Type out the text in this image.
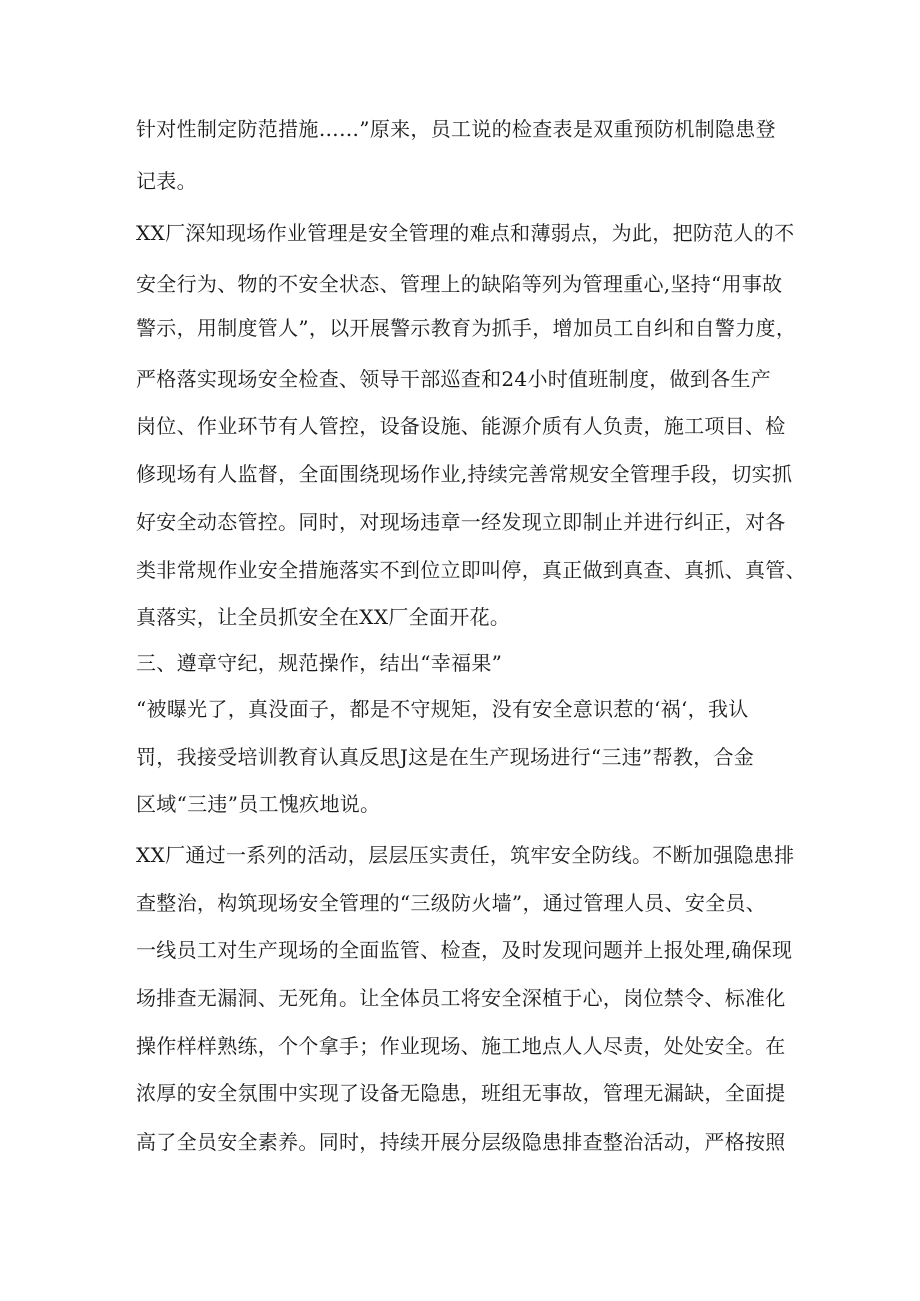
针对性制定防范措施……”原来，员工说的检查表是双重预防机制隐患登
记表。
XX厂深知现场作业管理是安全管理的难点和薄弱点，为此，把防范人的不
安全行为、物的不安全状态、管理上的缺陷等列为管理重心,坚持“用事故
警示，用制度管人”，以开展警示教育为抓手，增加员工自纠和自警力度，
严格落实现场安全检查、领导干部巡查和24小时值班制度，做到各生产
岗位、作业环节有人管控，设备设施、能源介质有人负责，施工项目、检
修现场有人监督，全面围绕现场作业,持续完善常规安全管理手段，切实抓
好安全动态管控。同时，对现场违章一经发现立即制止并进行纠正，对各
类非常规作业安全措施落实不到位立即叫停，真正做到真查、真抓、真管、
真落实，让全员抓安全在XX厂全面开花。
三、遵章守纪，规范操作，结出“幸福果”
“被曝光了，真没面子，都是不守规矩，没有安全意识惹的‘祸‘，我认
罚，我接受培训教育认真反思J这是在生产现场进行“三违”帮教，合金
区域“三违”员工愧疚地说。
XX厂通过一系列的活动，层层压实责任，筑牢安全防线。不断加强隐患排
查整治，构筑现场安全管理的“三级防火墙”，通过管理人员、安全员、
一线员工对生产现场的全面监管、检查，及时发现问题并上报处理,确保现
场排查无漏洞、无死角。让全体员工将安全深植于心，岗位禁令、标准化
操作样样熟练，个个拿手；作业现场、施工地点人人尽责，处处安全。在
浓厚的安全氛围中实现了设备无隐患，班组无事故，管理无漏缺，全面提
高了全员安全素养。同时，持续开展分层级隐患排查整治活动，严格按照
